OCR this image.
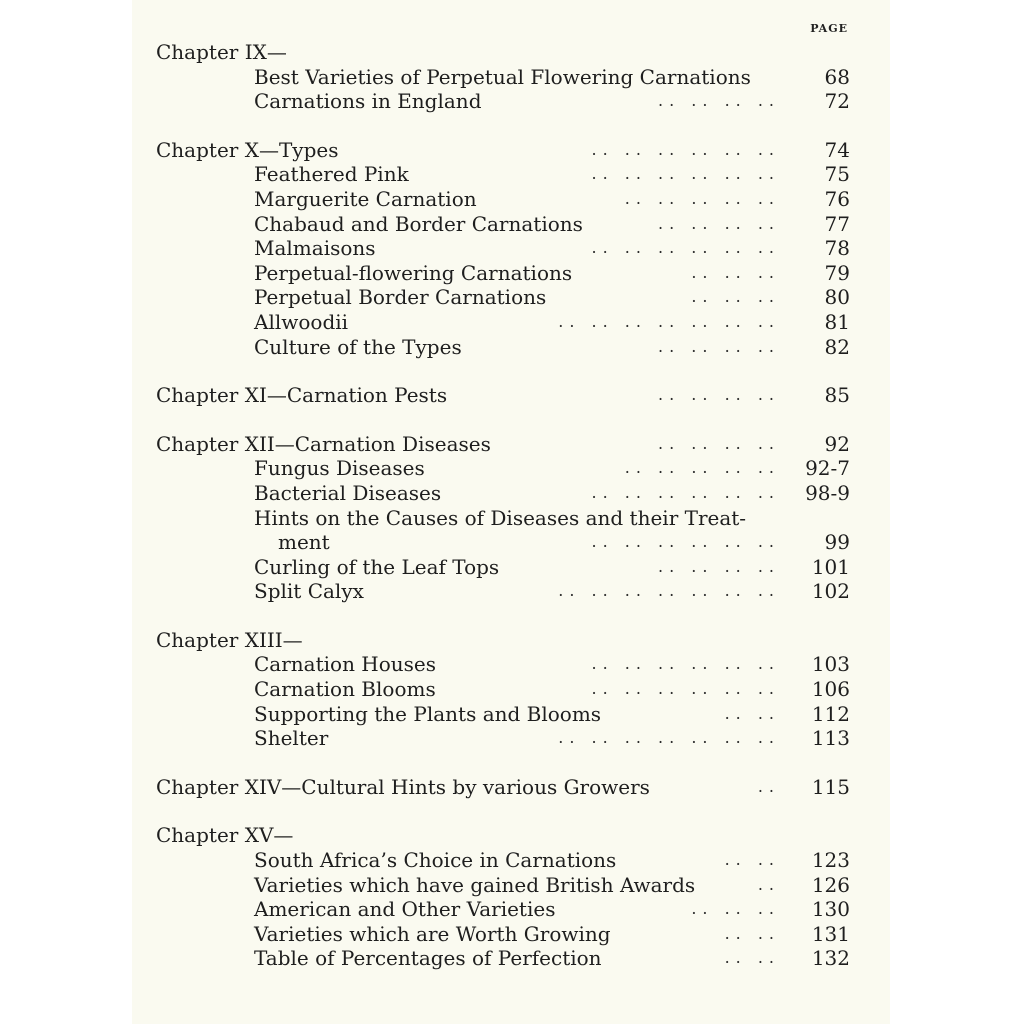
PAGE
Chapter IX—
Best Varieties of Perpetual Flowering Carnations	68
Carnations in England	.. .. .. .. 72
Chapter X—Types	.. .. .. .. .. .. 74
Feathered Pink	.. .. .. .. .. .. 75
Marguerite Carnation	.. .. .. .. .. 76
Chabaud and Border Carnations	.. .. .. .. 77
Malmaisons	.. .. .. .. .. .. 78
Perpetual-flowering Carnations	.. .. .. 79
Perpetual Border Carnations	.. .. .. 80
Allwoodii	.. .. .. .. .. .. .. 81
Culture of the Types	.. .. .. .. 82
Chapter XI—Carnation Pests	.. .. .. .. 85
Chapter XII—Carnation Diseases	.. .. .. .. 92
Fungus Diseases	.. .. .. .. .. 92-7
Bacterial Diseases	.. .. .. .. .. .. 98-9
Hints on the Causes of Diseases and their Treat-
ment	.. .. .. .. .. .. 99
Curling of the Leaf Tops	.. .. .. .. 101
Split Calyx	.. .. .. .. .. .. .. 102
Chapter XIII—
Carnation Houses	.. .. .. .. .. .. 103
Carnation Blooms	.. .. .. .. .. .. 106
Supporting the Plants and Blooms	.. .. 112
Shelter	.. .. .. .. .. .. .. 113
Chapter XIV—Cultural Hints by various Growers	.. 115
Chapter XV—
South Africa’s Choice in Carnations	.. .. 123
Varieties which have gained British Awards	.. 126
American and Other Varieties	.. .. .. 130
Varieties which are Worth Growing	.. .. 131
Table of Percentages of Perfection	.. .. 132
